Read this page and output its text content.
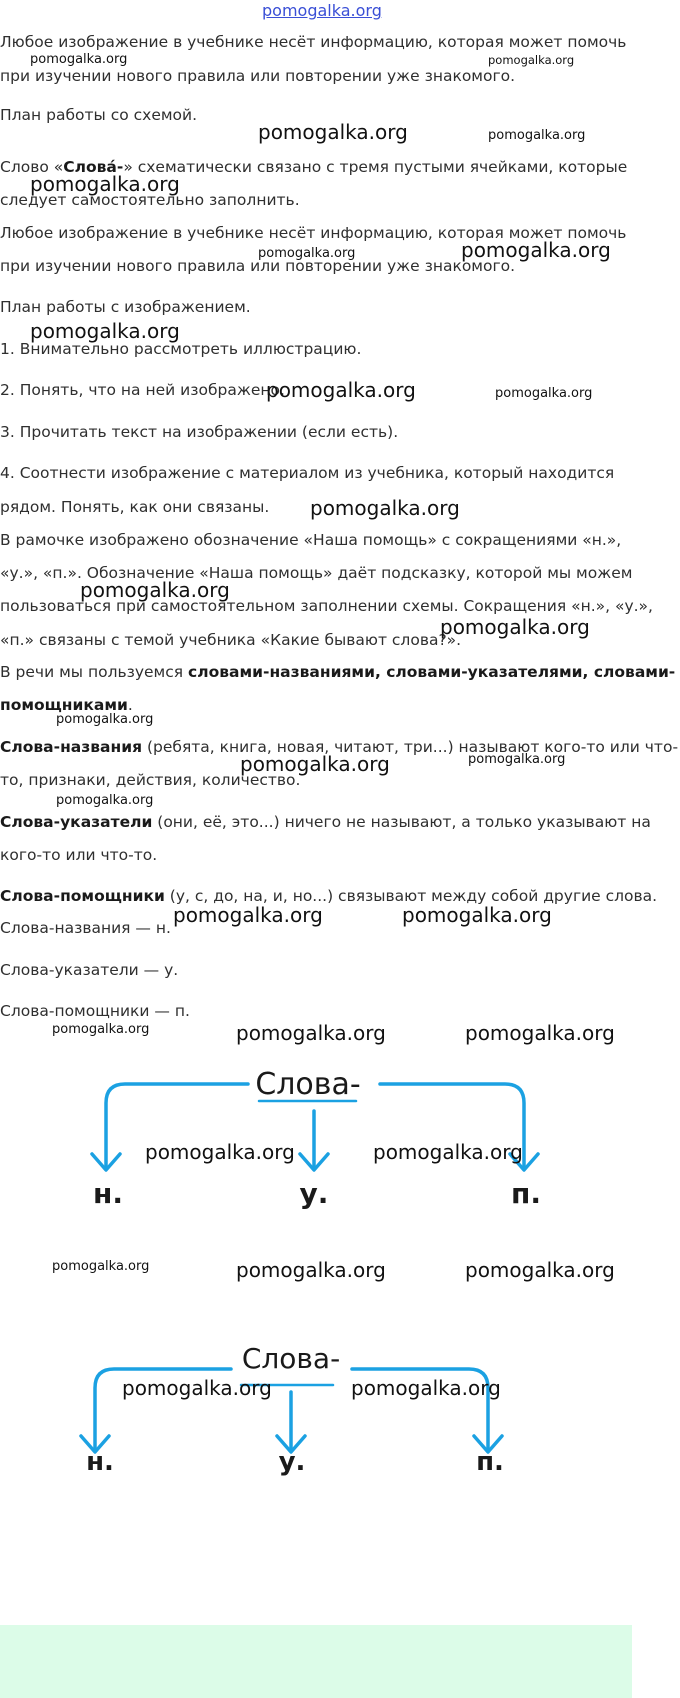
pomogalka.org
Любое изображение в учебнике несёт информацию, которая может помочь
при изучении нового правила или повторении уже знакомого.
pomogalka.org	pomogalka.org
План работы со схемой.
pomogalka.org	pomogalka.org
Слово «Слова́-» схематически связано с тремя пустыми ячейками, которые
pomogalka.org
следует самостоятельно заполнить.
Любое изображение в учебнике несёт информацию, которая может помочь
pomogalka.org	pomogalka.org
при изучении нового правила или повторении уже знакомого.
План работы с изображением.
pomogalka.org
1. Внимательно рассмотреть иллюстрацию.
2. Понять, что на ней изображено.
pomogalka.org	pomogalka.org
3. Прочитать текст на изображении (если есть).
4. Соотнести изображение с материалом из учебника, который находится
рядом. Понять, как они связаны. pomogalka.org
В рамочке изображено обозначение «Наша помощь» с сокращениями «н.»,
«у.», «п.». Обозначение «Наша помощь» даёт подсказку, которой мы можем
pomogalka.org
пользоваться при самостоятельном заполнении схемы. Сокращения «н.», «у.»,
«п.» связаны с темой учебника «Какие бывают слова?».
pomogalka.org
В речи мы пользуемся словами-названиями, словами-указателями, словами-
помощниками.
pomogalka.org
Слова-названия (ребята, книга, новая, читают, три...) называют кого-то или что-
pomogalka.org	pomogalka.org
то, признаки, действия, количество.
pomogalka.org
Слова-указатели (они, её, это...) ничего не называют, а только указывают на
кого-то или что-то.
Слова-помощники (у, с, до, на, и, но...) связывают между собой другие слова.
Слова-названия — н.
pomogalka.org	pomogalka.org
Слова-указатели — у.
Слова-помощники — п.
pomogalka.org	pomogalka.org	pomogalka.org
Слова-
н.	у.	п.
pomogalka.org	pomogalka.org
pomogalka.org	pomogalka.org	pomogalka.org
Слова-
н.	у.	п.
pomogalka.org	pomogalka.org
